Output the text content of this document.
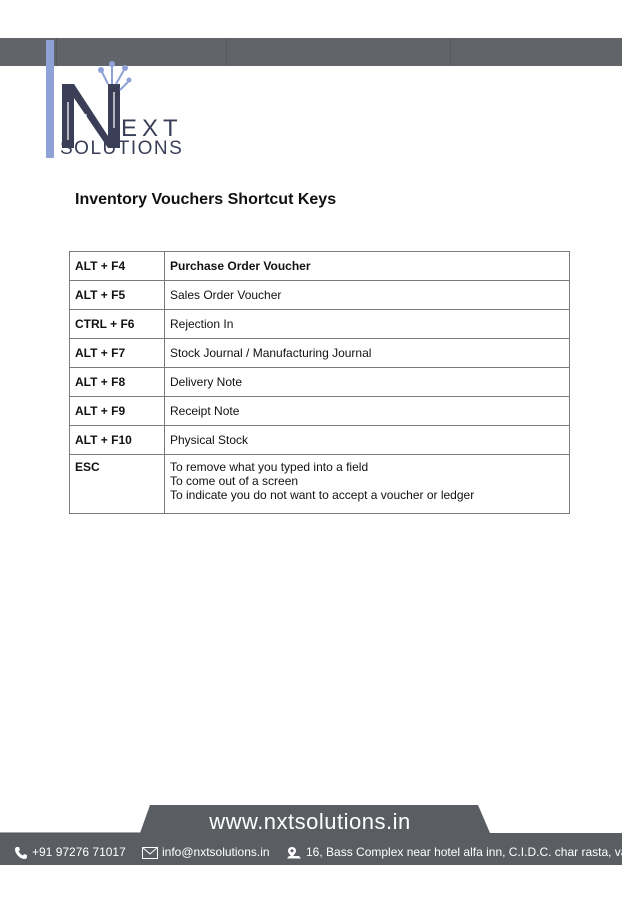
EXT
SOLUTIONS
Inventory Vouchers Shortcut Keys
ALT + F4	Purchase Order Voucher
ALT + F5	Sales Order Voucher
CTRL + F6	Rejection In
ALT + F7	Stock Journal / Manufacturing Journal
ALT + F8	Delivery Note
ALT + F9	Receipt Note
ALT + F10	Physical Stock
ESC	To remove what you typed into a field
To come out of a screen
To indicate you do not want to accept a voucher or ledger
www.nxtsolutions.in
+91 97276 71017	info@nxtsolutions.in	16, Bass Complex near hotel alfa inn, C.I.D.C. char rasta, va
